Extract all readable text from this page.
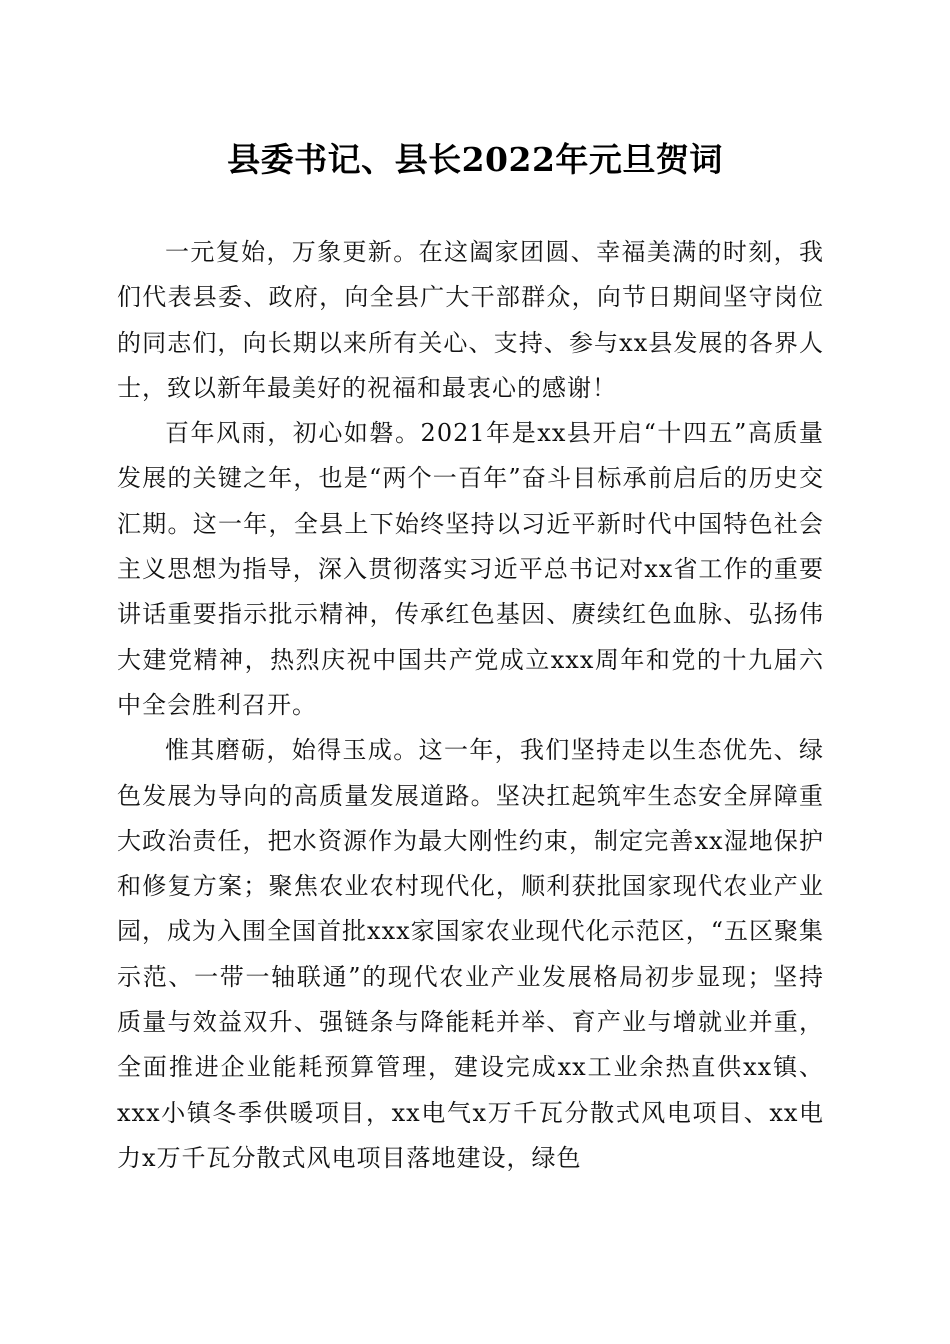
县委书记、县长2022年元旦贺词

一元复始，万象更新。在这阖家团圆、幸福美满的时刻，我们代表县委、政府，向全县广大干部群众，向节日期间坚守岗位的同志们，向长期以来所有关心、支持、参与xx县发展的各界人士，致以新年最美好的祝福和最衷心的感谢！

百年风雨，初心如磐。2021年是xx县开启“十四五”高质量发展的关键之年，也是“两个一百年”奋斗目标承前启后的历史交汇期。这一年，全县上下始终坚持以习近平新时代中国特色社会主义思想为指导，深入贯彻落实习近平总书记对xx省工作的重要讲话重要指示批示精神，传承红色基因、赓续红色血脉、弘扬伟大建党精神，热烈庆祝中国共产党成立xxx周年和党的十九届六中全会胜利召开。

惟其磨砺，始得玉成。这一年，我们坚持走以生态优先、绿色发展为导向的高质量发展道路。坚决扛起筑牢生态安全屏障重大政治责任，把水资源作为最大刚性约束，制定完善xx湿地保护和修复方案；聚焦农业农村现代化，顺利获批国家现代农业产业园，成为入围全国首批xxx家国家农业现代化示范区，“五区聚集示范、一带一轴联通”的现代农业产业发展格局初步显现；坚持质量与效益双升、强链条与降能耗并举、育产业与增就业并重，全面推进企业能耗预算管理，建设完成xx工业余热直供xx镇、xxx小镇冬季供暖项目，xx电气x万千瓦分散式风电项目、xx电力x万千瓦分散式风电项目落地建设，绿色
